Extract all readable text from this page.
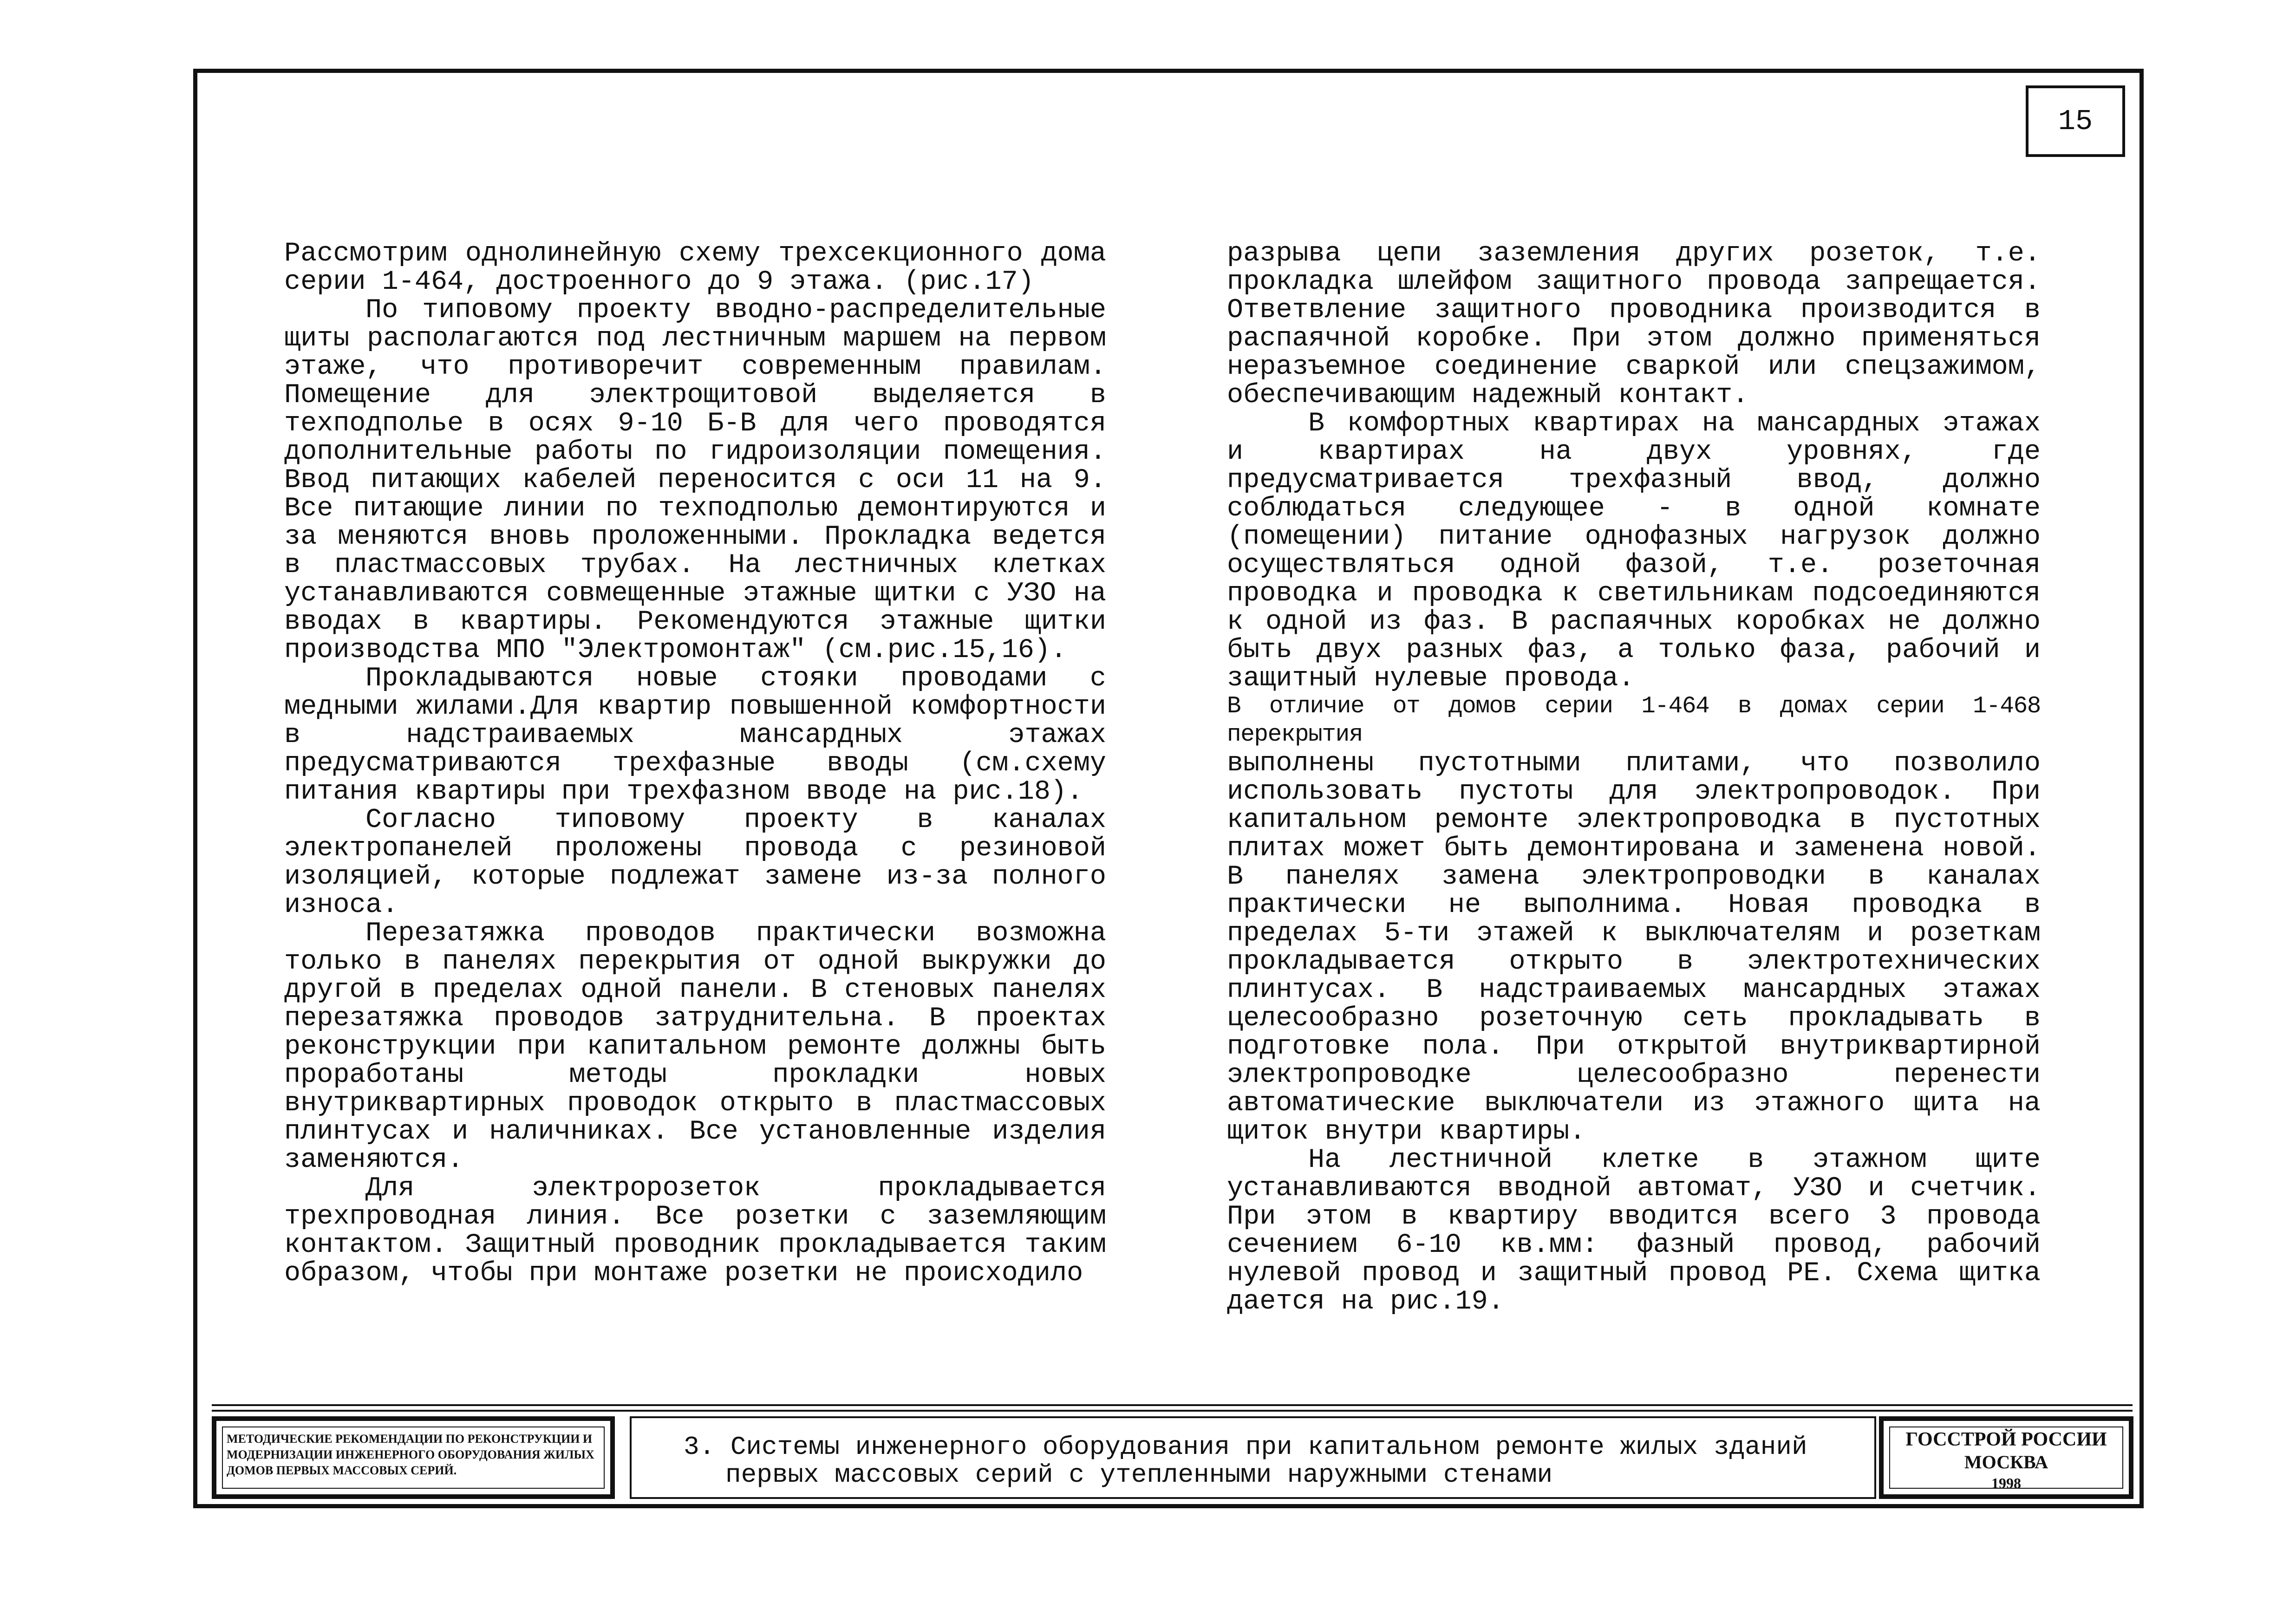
15

Рассмотрим однолинейную схему трехсекционного дома серии 1-464, достроенного до 9 этажа. (рис.17)

По типовому проекту вводно-распределительные щиты располагаются под лестничным маршем на первом этаже, что противоречит современным правилам. Помещение для электрощитовой выделяется в техподполье в осях 9-10 Б-В для чего проводятся дополнительные работы по гидроизоляции помещения. Ввод питающих кабелей переносится с оси 11 на 9. Все питающие линии по техподполью демонтируются и за меняются вновь проложенными. Прокладка ведется в пластмассовых трубах. На лестничных клетках устанавливаются совмещенные этажные щитки с УЗО на вводах в квартиры. Рекомендуются этажные щитки производства МПО "Электромонтаж" (см.рис.15,16).

Прокладываются новые стояки проводами с медными жилами.Для квартир повышенной комфортности в надстраиваемых мансардных этажах предусматриваются трехфазные вводы (см.схему питания квартиры при трехфазном вводе на рис.18).

Согласно типовому проекту в каналах электропанелей проложены провода с резиновой изоляцией, которые подлежат замене из-за полного износа.

Перезатяжка проводов практически возможна только в панелях перекрытия от одной выкружки до другой в пределах одной панели. В стеновых панелях перезатяжка проводов затруднительна. В проектах реконструкции при капитальном ремонте должны быть проработаны методы прокладки новых внутриквартирных проводок открыто в пластмассовых плинтусах и наличниках. Все установленные изделия заменяются.

Для электророзеток прокладывается трехпроводная линия. Все розетки с заземляющим контактом. Защитный проводник прокладывается таким образом, чтобы при монтаже розетки не происходило

разрыва цепи заземления других розеток, т.е. прокладка шлейфом защитного провода запрещается. Ответвление защитного проводника производится в распаячной коробке. При этом должно применяться неразъемное соединение сваркой или спецзажимом, обеспечивающим надежный контакт.

В комфортных квартирах на мансардных этажах и квартирах на двух уровнях, где предусматривается трехфазный ввод, должно соблюдаться следующее - в одной комнате (помещении) питание однофазных нагрузок должно осуществляться одной фазой, т.е. розеточная проводка и проводка к светильникам подсоединяются к одной из фаз. В распаячных коробках не должно быть двух разных фаз, а только фаза, рабочий и защитный нулевые провода.

В отличие от домов серии 1-464 в домах серии 1-468 перекрытия

выполнены пустотными плитами, что позволило использовать пустоты для электропроводок. При капитальном ремонте электропроводка в пустотных плитах может быть демонтирована и заменена новой. В панелях замена электропроводки в каналах практически не выполнима. Новая проводка в пределах 5-ти этажей к выключателям и розеткам прокладывается открыто в электротехнических плинтусах. В надстраиваемых мансардных этажах целесообразно розеточную сеть прокладывать в подготовке пола. При открытой внутриквартирной электропроводке целесообразно перенести автоматические выключатели из этажного щита на щиток внутри квартиры.

На лестничной клетке в этажном щите устанавливаются вводной автомат, УЗО и счетчик. При этом в квартиру вводится всего 3 провода сечением 6-10 кв.мм: фазный провод, рабочий нулевой провод и защитный провод РЕ. Схема щитка дается на рис.19.

МЕТОДИЧЕСКИЕ РЕКОМЕНДАЦИИ ПО РЕКОНСТРУКЦИИ И МОДЕРНИЗАЦИИ ИНЖЕНЕРНОГО ОБОРУДОВАНИЯ ЖИЛЫХ ДОМОВ ПЕРВЫХ МАССОВЫХ СЕРИЙ.
3. Системы инженерного оборудования при капитальном ремонте жилых зданий
первых массовых серий с утепленными наружными стенами
ГОССТРОЙ РОССИИ
МОСКВА
1998
